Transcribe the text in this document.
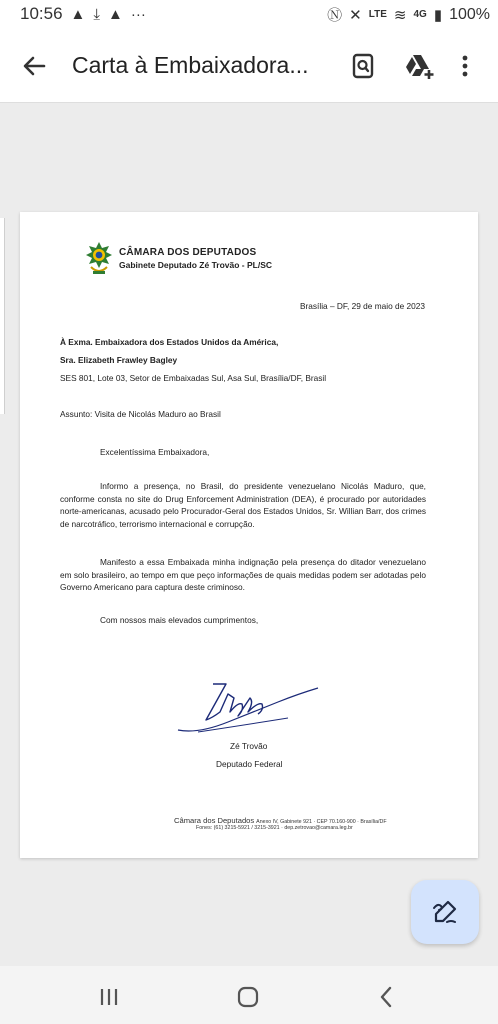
10:56 ▲ ⤓ ▲ ···	Ⓝ ✕ LTE ≋ 4G ▮ 100%
Carta à Embaixadora...
CÂMARA DOS DEPUTADOS
Gabinete Deputado Zé Trovão - PL/SC
Brasília – DF, 29 de maio de 2023
À Exma. Embaixadora dos Estados Unidos da América,
Sra. Elizabeth Frawley Bagley
SES 801, Lote 03, Setor de Embaixadas Sul, Asa Sul, Brasília/DF, Brasil
Assunto: Visita de Nicolás Maduro ao Brasil
Excelentíssima Embaixadora,
Informo a presença, no Brasil, do presidente venezuelano Nicolás Maduro, que, conforme consta no site do Drug Enforcement Administration (DEA), é procurado por autoridades norte-americanas, acusado pelo Procurador-Geral dos Estados Unidos, Sr. Willian Barr, dos crimes de narcotráfico, terrorismo internacional e corrupção.
Manifesto a essa Embaixada minha indignação pela presença do ditador venezuelano em solo brasileiro, ao tempo em que peço informações de quais medidas podem ser adotadas pelo Governo Americano para captura deste criminoso.
Com nossos mais elevados cumprimentos,
Zé Trovão
Deputado Federal
Câmara dos Deputados Anexo IV, Gabinete 921 · CEP 70.160-900 · Brasília/DF
Fones: (61) 3215-5921 / 3215-3921 · dep.zetrovao@camara.leg.br
